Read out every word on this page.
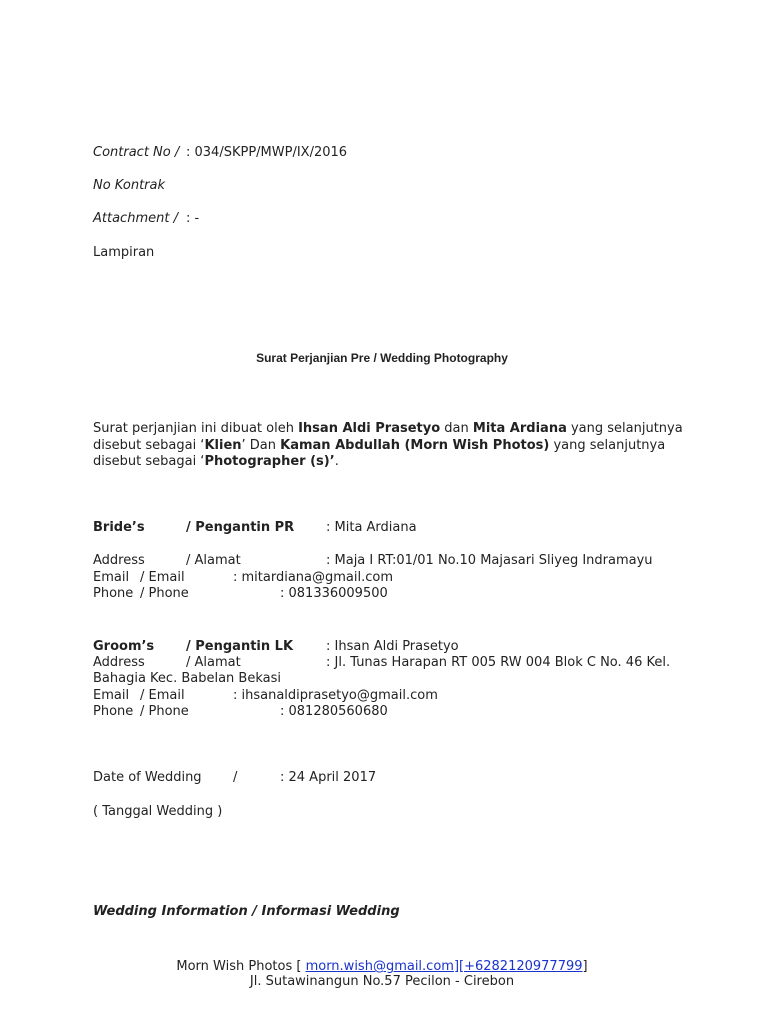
Contract No / : 034/SKPP/MWP/IX/2016
No Kontrak
Attachment / : -
Lampiran
Surat Perjanjian Pre / Wedding Photography
Surat perjanjian ini dibuat oleh Ihsan Aldi Prasetyo dan Mita Ardiana yang selanjutnya disebut sebagai ‘Klien’ Dan Kaman Abdullah (Morn Wish Photos) yang selanjutnya disebut sebagai ‘Photographer (s)’.
Bride’s	/ Pengantin PR : Mita Ardiana
Address	/ Alamat	: Maja I RT:01/01 No.10 Majasari Sliyeg Indramayu
Email / Email	: mitardiana@gmail.com
Phone / Phone	: 081336009500
Groom’s / Pengantin LK	: Ihsan Aldi Prasetyo
Address	/ Alamat	: Jl. Tunas Harapan RT 005 RW 004 Blok C No. 46 Kel.
Bahagia Kec. Babelan Bekasi
Email / Email	: ihsanaldiprasetyo@gmail.com
Phone / Phone	: 081280560680
Date of Wedding /	: 24 April 2017
( Tanggal Wedding )
Wedding Information / Informasi Wedding
Morn Wish Photos [ morn.wish@gmail.com][+6282120977799]
Jl. Sutawinangun No.57 Pecilon - Cirebon
